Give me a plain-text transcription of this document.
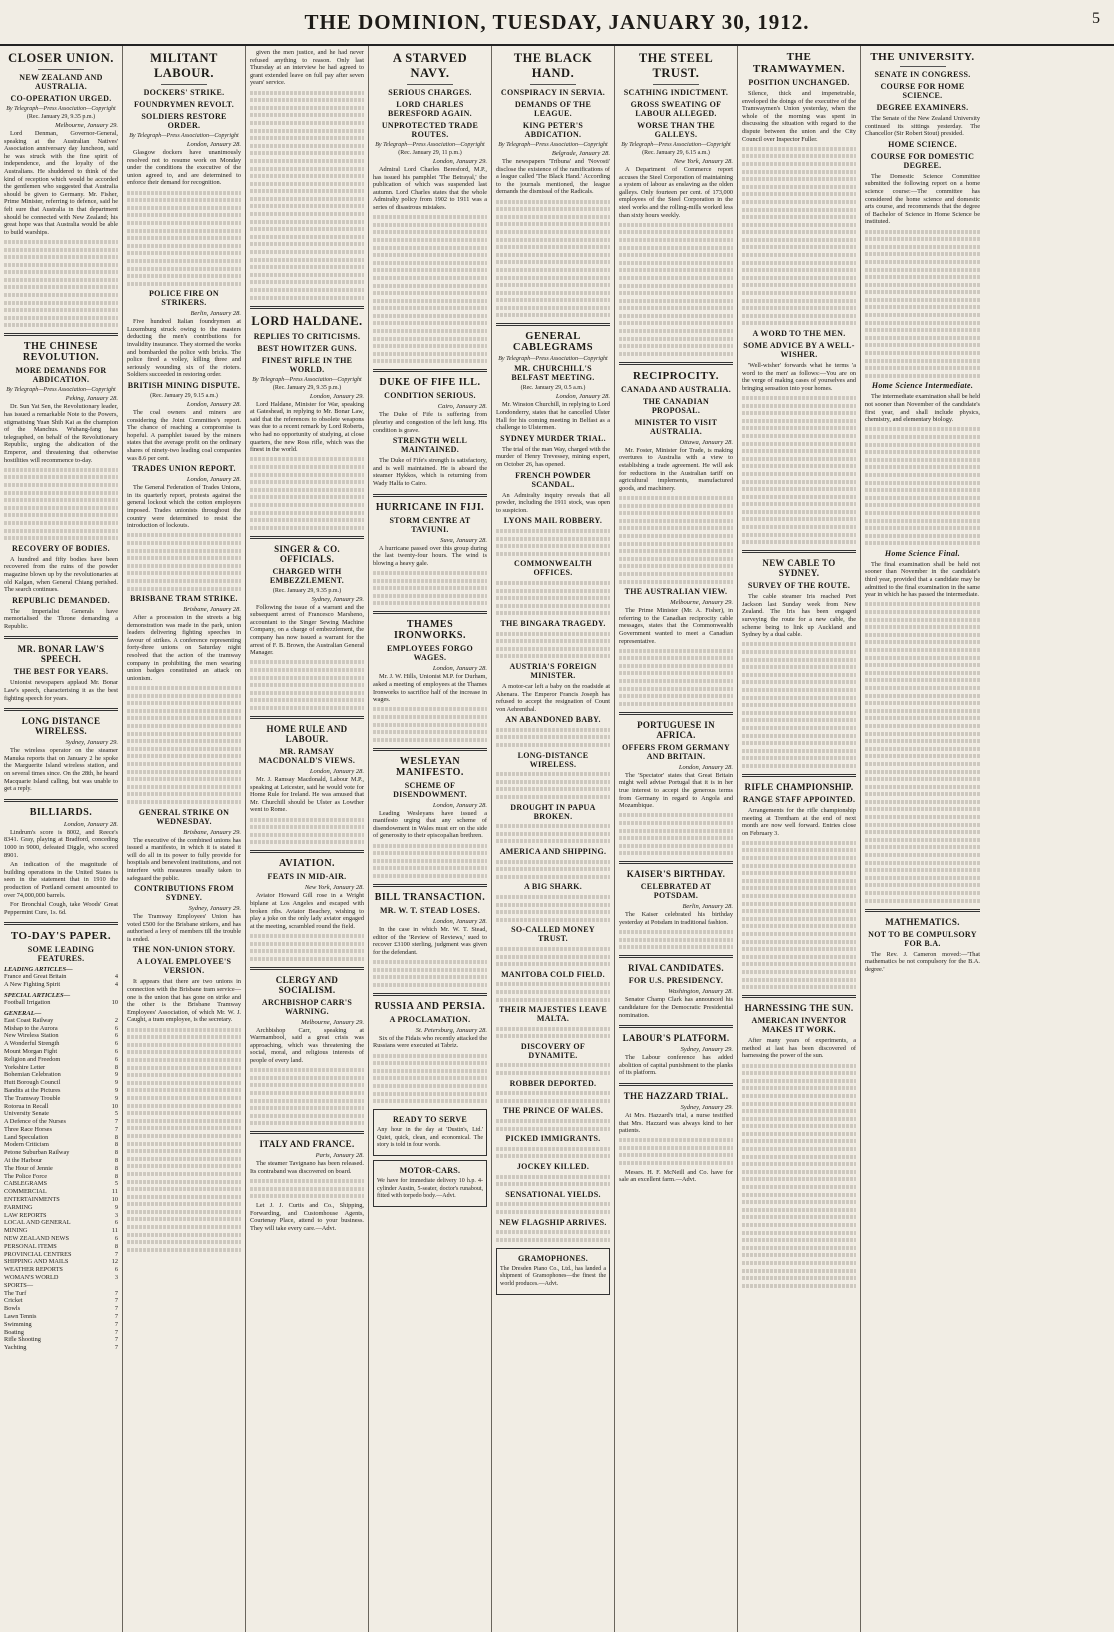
THE DOMINION, TUESDAY, JANUARY 30, 1912.	5
CLOSER UNION.
NEW ZEALAND AND AUSTRALIA.
CO-OPERATION URGED.
By Telegraph—Press Association—Copyright
(Rec. January 29, 9.35 p.m.)
Melbourne, January 29.

Lord Denman, Governor-General, speaking at the Australian Natives' Association anniversary day luncheon, said he was struck with the fine spirit of independence, and the loyalty of the Australians. He shuddered to think of the kind of reception which would be accorded the gentlemen who suggested that Australia should be given to Germany. Mr. Fisher, Prime Minister, referring to defence, said he felt sure that Australia in that department should be connected with New Zealand; his great hope was that Australia would be able to build warships.

THE CHINESE REVOLUTION.
MORE DEMANDS FOR ABDICATION.
By Telegraph—Press Association—Copyright
Peking, January 28.

Dr. Sun Yat Sen, the Revolutionary leader, has issued a remarkable Note to the Powers, stigmatising Yuan Shih Kai as the champion of the Manchus. Wuhang-fang has telegraphed, on behalf of the Revolutionary Republic, urging the abdication of the Emperor, and threatening that otherwise hostilities will recommence to-day.

RECOVERY OF BODIES.

A hundred and fifty bodies have been recovered from the ruins of the powder magazine blown up by the revolutionaries at old Kalgan, when General Chiang perished. The search continues.

REPUBLIC DEMANDED.

The Imperialist Generals have memorialised the Throne demanding a Republic.

MR. BONAR LAW'S SPEECH.
THE BEST FOR YEARS.

Unionist newspapers applaud Mr. Bonar Law's speech, characterising it as the best fighting speech for years.

LONG DISTANCE WIRELESS.
Sydney, January 29.

The wireless operator on the steamer Manuka reports that on January 2 he spoke the Marguerite Island wireless station, and on several times since. On the 28th, he heard Macquarie Island calling, but was unable to get a reply.

BILLIARDS.
London, January 28.

Lindrum's score is 8002, and Reece's 8341. Gray, playing at Bradford, conceding 1000 in 9000, defeated Diggle, who scored 8901.

An indication of the magnitude of building operations in the United States is seen in the statement that in 1910 the production of Portland cement amounted to over 74,000,000 barrels.

For Bronchial Cough, take Woods' Great Peppermint Cure, 1s. 6d.

TO-DAY'S PAPER.
SOME LEADING FEATURES.
LEADING ARTICLES—
France and Great Britain	4
A New Fighting Spirit	4
SPECIAL ARTICLES—
Football Irrigation	10
GENERAL—
East Coast Railway	2
Mishap to the Aurora	6
New Wireless Station	6
A Wonderful Strength	6
Mount Morgan Fight	6
Religion and Freedom	6
Yorkshire Letter	8
Bohemian Celebration	9
Hutt Borough Council	9
Bandits at the Pictures	9
The Tramway Trouble	9
Rotorua in Recall	10
University Senate	5
A Defence of the Nurses	7
Three Race Horses	7
Land Speculation	8
Modern Criticism	8
Petone Suburban Railway	8
At the Harbour	8
The Hour of Jennie	8
The Police Force	8
CABLEGRAMS	5
COMMERCIAL	11
ENTERTAINMENTS	10
FARMING	9
LAW REPORTS	3
LOCAL AND GENERAL	6
MINING	11
NEW ZEALAND NEWS	6
PERSONAL ITEMS	8
PROVINCIAL CENTRES	7
SHIPPING AND MAILS	12
WEATHER REPORTS	6
WOMAN'S WORLD	3
SPORTS—
The Turf	7
Cricket	7
Bowls	7
Lawn Tennis	7
Swimming	7
Boating	7
Rifle Shooting	7
Yachting	7
MILITANT LABOUR.
DOCKERS' STRIKE.
FOUNDRYMEN REVOLT.
SOLDIERS RESTORE ORDER.
By Telegraph—Press Association—Copyright
London, January 28.

Glasgow dockers have unanimously resolved not to resume work on Monday under the conditions the executive of the union agreed to, and are determined to enforce their demand for recognition.

POLICE FIRE ON STRIKERS.
Berlin, January 28.

Five hundred Italian foundrymen at Luxemburg struck owing to the masters deducting the men's contributions for invalidity insurance. They stormed the works and bombarded the police with bricks. The police fired a volley, killing three and seriously wounding six of the rioters. Soldiers succeeded in restoring order.

BRITISH MINING DISPUTE.
(Rec. January 29, 9.15 a.m.)
London, January 28.

The coal owners and miners are considering the Joint Committee's report. The chance of reaching a compromise is hopeful. A pamphlet issued by the miners states that the average profit on the ordinary shares of ninety-two leading coal companies was 8.6 per cent.

TRADES UNION REPORT.
London, January 28.

The General Federation of Trades Unions, in its quarterly report, protests against the general lockout which the cotton employers imposed. Trades unionists throughout the country were determined to resist the introduction of lockouts.

BRISBANE TRAM STRIKE.
Brisbane, January 28.

After a procession in the streets a big demonstration was made in the park, union leaders delivering fighting speeches in favour of strikes. A conference representing forty-three unions on Saturday night resolved that the action of the tramway company in prohibiting the men wearing union badges constituted an attack on unionism.

GENERAL STRIKE ON WEDNESDAY.
Brisbane, January 29.

The executive of the combined unions has issued a manifesto, in which it is stated it will do all in its power to fully provide for hospitals and benevolent institutions, and not interfere with measures usually taken to safeguard the public.

CONTRIBUTIONS FROM SYDNEY.
Sydney, January 29.

The Tramway Employees' Union has voted £500 for the Brisbane strikers, and has authorised a levy of members till the trouble is ended.

THE NON-UNION STORY.
A LOYAL EMPLOYEE'S VERSION.

It appears that there are two unions in connection with the Brisbane tram service—one is the union that has gone on strike and the other is the Brisbane Tramway Employees' Association, of which Mr. W. J. Caught, a tram employee, is the secretary.

given the men justice, and he had never refused anything to reason. Only last Thursday at an interview he had agreed to grant extended leave on full pay after seven years' service.

LORD HALDANE.
REPLIES TO CRITICISMS.
BEST HOWITZER GUNS.
FINEST RIFLE IN THE WORLD.
By Telegraph—Press Association—Copyright
(Rec. January 29, 9.35 p.m.)
London, January 29.

Lord Haldane, Minister for War, speaking at Gateshead, in replying to Mr. Bonar Law, said that the references to obsolete weapons was due to a recent remark by Lord Roberts, who had no opportunity of studying, at close quarters, the new Ross rifle, which was the finest in the world.

SINGER & CO. OFFICIALS.
CHARGED WITH EMBEZZLEMENT.
(Rec. January 29, 9.35 p.m.)
Sydney, January 29.

Following the issue of a warrant and the subsequent arrest of Francesco Marsheno, accountant to the Singer Sewing Machine Company, on a charge of embezzlement, the company has now issued a warrant for the arrest of F. B. Brown, the Australian General Manager.

HOME RULE AND LABOUR.
MR. RAMSAY MACDONALD'S VIEWS.
London, January 28.

Mr. J. Ramsay Macdonald, Labour M.P., speaking at Leicester, said he would vote for Home Rule for Ireland. He was amused that Mr. Churchill should be Ulster as Lowther went to Rome.

AVIATION.
FEATS IN MID-AIR.
New York, January 28.

Aviator Howard Gill rose in a Wright biplane at Los Angeles and escaped with broken ribs. Aviator Beachey, wishing to play a joke on the only lady aviator engaged at the meeting, scrambled round the field.

CLERGY AND SOCIALISM.
ARCHBISHOP CARR'S WARNING.
Melbourne, January 29.

Archbishop Carr, speaking at Warrnambool, said a great crisis was approaching, which was threatening the social, moral, and religious interests of people of every land.

ITALY AND FRANCE.
Paris, January 28.

The steamer Tavignano has been released. Its contraband was discovered on board.

Let J. J. Curtis and Co., Shipping, Forwarding, and Customhouse Agents, Courtenay Place, attend to your business. They will take every care.—Advt.

A STARVED NAVY.
SERIOUS CHARGES.
LORD CHARLES BERESFORD AGAIN.
UNPROTECTED TRADE ROUTES.
By Telegraph—Press Association—Copyright
(Rec. January 29, 11 p.m.)
London, January 29.

Admiral Lord Charles Beresford, M.P., has issued his pamphlet 'The Betrayal,' the publication of which was suspended last autumn. Lord Charles states that the whole Admiralty policy from 1902 to 1911 was a series of disastrous mistakes.

DUKE OF FIFE ILL.
CONDITION SERIOUS.
Cairo, January 28.

The Duke of Fife is suffering from pleurisy and congestion of the left lung. His condition is grave.

STRENGTH WELL MAINTAINED.

The Duke of Fife's strength is satisfactory, and is well maintained. He is aboard the steamer Hykkos, which is returning from Wady Halfa to Cairo.

HURRICANE IN FIJI.
STORM CENTRE AT TAVIUNI.
Suva, January 28.

A hurricane passed over this group during the last twenty-four hours. The wind is blowing a heavy gale.

THAMES IRONWORKS.
EMPLOYEES FORGO WAGES.
London, January 28.

Mr. J. W. Hills, Unionist M.P. for Durham, asked a meeting of employees at the Thames Ironworks to sacrifice half of the increase in wages.

WESLEYAN MANIFESTO.
SCHEME OF DISENDOWMENT.
London, January 28.

Leading Wesleyans have issued a manifesto urging that any scheme of disendowment in Wales must err on the side of generosity to their episcopalian brethren.

BILL TRANSACTION.
MR. W. T. STEAD LOSES.
London, January 28.

In the case in which Mr. W. T. Stead, editor of the 'Review of Reviews,' sued to recover £3100 sterling, judgment was given for the defendant.

RUSSIA AND PERSIA.
A PROCLAMATION.
St. Petersburg, January 28.

Six of the Fidais who recently attacked the Russians were executed at Tabriz.

READY TO SERVE

Any hour in the day at 'Dustin's, Ltd.' Quiet, quick, clean, and economical. The story is told in four words.

MOTOR-CARS.

We have for immediate delivery 10 h.p. 4-cylinder Austin, 5-seater, doctor's runabout, fitted with torpedo body.—Advt.

THE BLACK HAND.
CONSPIRACY IN SERVIA.
DEMANDS OF THE LEAGUE.
KING PETER'S ABDICATION.
By Telegraph—Press Association—Copyright
Belgrade, January 28.

The newspapers 'Tribuna' and 'Novosti' disclose the existence of the ramifications of a league called 'The Black Hand.' According to the journals mentioned, the league demands the dismissal of the Radicals.

GENERAL CABLEGRAMS
By Telegraph—Press Association—Copyright
MR. CHURCHILL'S BELFAST MEETING.
(Rec. January 29, 0.5 a.m.)
London, January 28.

Mr. Winston Churchill, in replying to Lord Londonderry, states that he cancelled Ulster Hall for his coming meeting in Belfast as a challenge to Ulstermen.

SYDNEY MURDER TRIAL.

The trial of the man Way, charged with the murder of Henry Trevessey, mining expert, on October 26, has opened.

FRENCH POWDER SCANDAL.

An Admiralty inquiry reveals that all powder, including the 1911 stock, was open to suspicion.

LYONS MAIL ROBBERY.
COMMONWEALTH OFFICES.
THE BINGARA TRAGEDY.
AUSTRIA'S FOREIGN MINISTER.

A motor-car left a baby on the roadside at Ahenara. The Emperor Francis Joseph has refused to accept the resignation of Count von Aehrenthal.

AN ABANDONED BABY.
LONG-DISTANCE WIRELESS.
DROUGHT IN PAPUA BROKEN.
AMERICA AND SHIPPING.
A BIG SHARK.
SO-CALLED MONEY TRUST.
MANITOBA COLD FIELD.
THEIR MAJESTIES LEAVE MALTA.
DISCOVERY OF DYNAMITE.
ROBBER DEPORTED.
THE PRINCE OF WALES.
PICKED IMMIGRANTS.
JOCKEY KILLED.
SENSATIONAL YIELDS.
NEW FLAGSHIP ARRIVES.
GRAMOPHONES.

The Dresden Piano Co., Ltd., has landed a shipment of Gramophones—the finest the world produces.—Advt.

THE STEEL TRUST.
SCATHING INDICTMENT.
GROSS SWEATING OF LABOUR ALLEGED.
WORSE THAN THE GALLEYS.
By Telegraph—Press Association—Copyright
(Rec. January 29, 6.15 a.m.)
New York, January 28.

A Department of Commerce report accuses the Steel Corporation of maintaining a system of labour as enslaving as the olden galleys. Only fourteen per cent. of 173,000 employees of the Steel Corporation in the steel works and the rolling-mills worked less than sixty hours weekly.

RECIPROCITY.
CANADA AND AUSTRALIA.
THE CANADIAN PROPOSAL.
MINISTER TO VISIT AUSTRALIA.
Ottawa, January 28.

Mr. Foster, Minister for Trade, is making overtures to Australia with a view to establishing a trade agreement. He will ask for reductions in the Australian tariff on agricultural implements, manufactured goods, and machinery.

THE AUSTRALIAN VIEW.
Melbourne, January 29.

The Prime Minister (Mr. A. Fisher), in referring to the Canadian reciprocity cable messages, states that the Commonwealth Government wanted to meet a Canadian representative.

PORTUGUESE IN AFRICA.
OFFERS FROM GERMANY AND BRITAIN.
London, January 28.

The 'Spectator' states that Great Britain might well advise Portugal that it is in her true interest to accept the generous terms from Germany in regard to Angola and Mozambique.

KAISER'S BIRTHDAY.
CELEBRATED AT POTSDAM.
Berlin, January 28.

The Kaiser celebrated his birthday yesterday at Potsdam in traditional fashion.

RIVAL CANDIDATES.
FOR U.S. PRESIDENCY.
Washington, January 28.

Senator Champ Clark has announced his candidature for the Democratic Presidential nomination.

LABOUR'S PLATFORM.
Sydney, January 29.

The Labour conference has added abolition of capital punishment to the planks of its platform.

THE HAZZARD TRIAL.
Sydney, January 29.

At Mrs. Hazzard's trial, a nurse testified that Mrs. Hazzard was always kind to her patients.

Messrs. H. F. McNeill and Co. have for sale an excellent farm.—Advt.

THE TRAMWAYMEN.
POSITION UNCHANGED.

Silence, thick and impenetrable, enveloped the doings of the executive of the Tramwaymen's Union yesterday, when the whole of the morning was spent in discussing the situation with regard to the dispute between the union and the City Council over Inspector Fuller.

A WORD TO THE MEN.
SOME ADVICE BY A WELL-WISHER.

'Well-wisher' forwards what he terms 'a word to the men' as follows:—You are on the verge of making cases of yourselves and bringing sensation into your homes.

NEW CABLE TO SYDNEY.
SURVEY OF THE ROUTE.

The cable steamer Iris reached Port Jackson last Sunday week from New Zealand. The Iris has been engaged surveying the route for a new cable, the scheme being to link up Auckland and Sydney by a dual cable.

RIFLE CHAMPIONSHIP.
RANGE STAFF APPOINTED.

Arrangements for the rifle championship meeting at Trentham at the end of next month are now well forward. Entries close on February 3.

HARNESSING THE SUN.
AMERICAN INVENTOR MAKES IT WORK.

After many years of experiments, a method at last has been discovered of harnessing the power of the sun.

THE UNIVERSITY.
SENATE IN CONGRESS.
COURSE FOR HOME SCIENCE.
DEGREE EXAMINERS.

The Senate of the New Zealand University continued its sittings yesterday. The Chancellor (Sir Robert Stout) presided.

HOME SCIENCE.
COURSE FOR DOMESTIC DEGREE.

The Domestic Science Committee submitted the following report on a home science course:—The committee has considered the home science and domestic arts course, and recommends that the degree of Bachelor of Science in Home Science be instituted.

Home Science Intermediate.

The intermediate examination shall be held not sooner than November of the candidate's first year, and shall include physics, chemistry, and elementary biology.

Home Science Final.

The final examination shall be held not sooner than November in the candidate's third year, provided that a candidate may be admitted to the final examination in the same year in which he has passed the intermediate.

MATHEMATICS.
NOT TO BE COMPULSORY FOR B.A.

The Rev. J. Cameron moved:—'That mathematics be not compulsory for the B.A. degree.'
